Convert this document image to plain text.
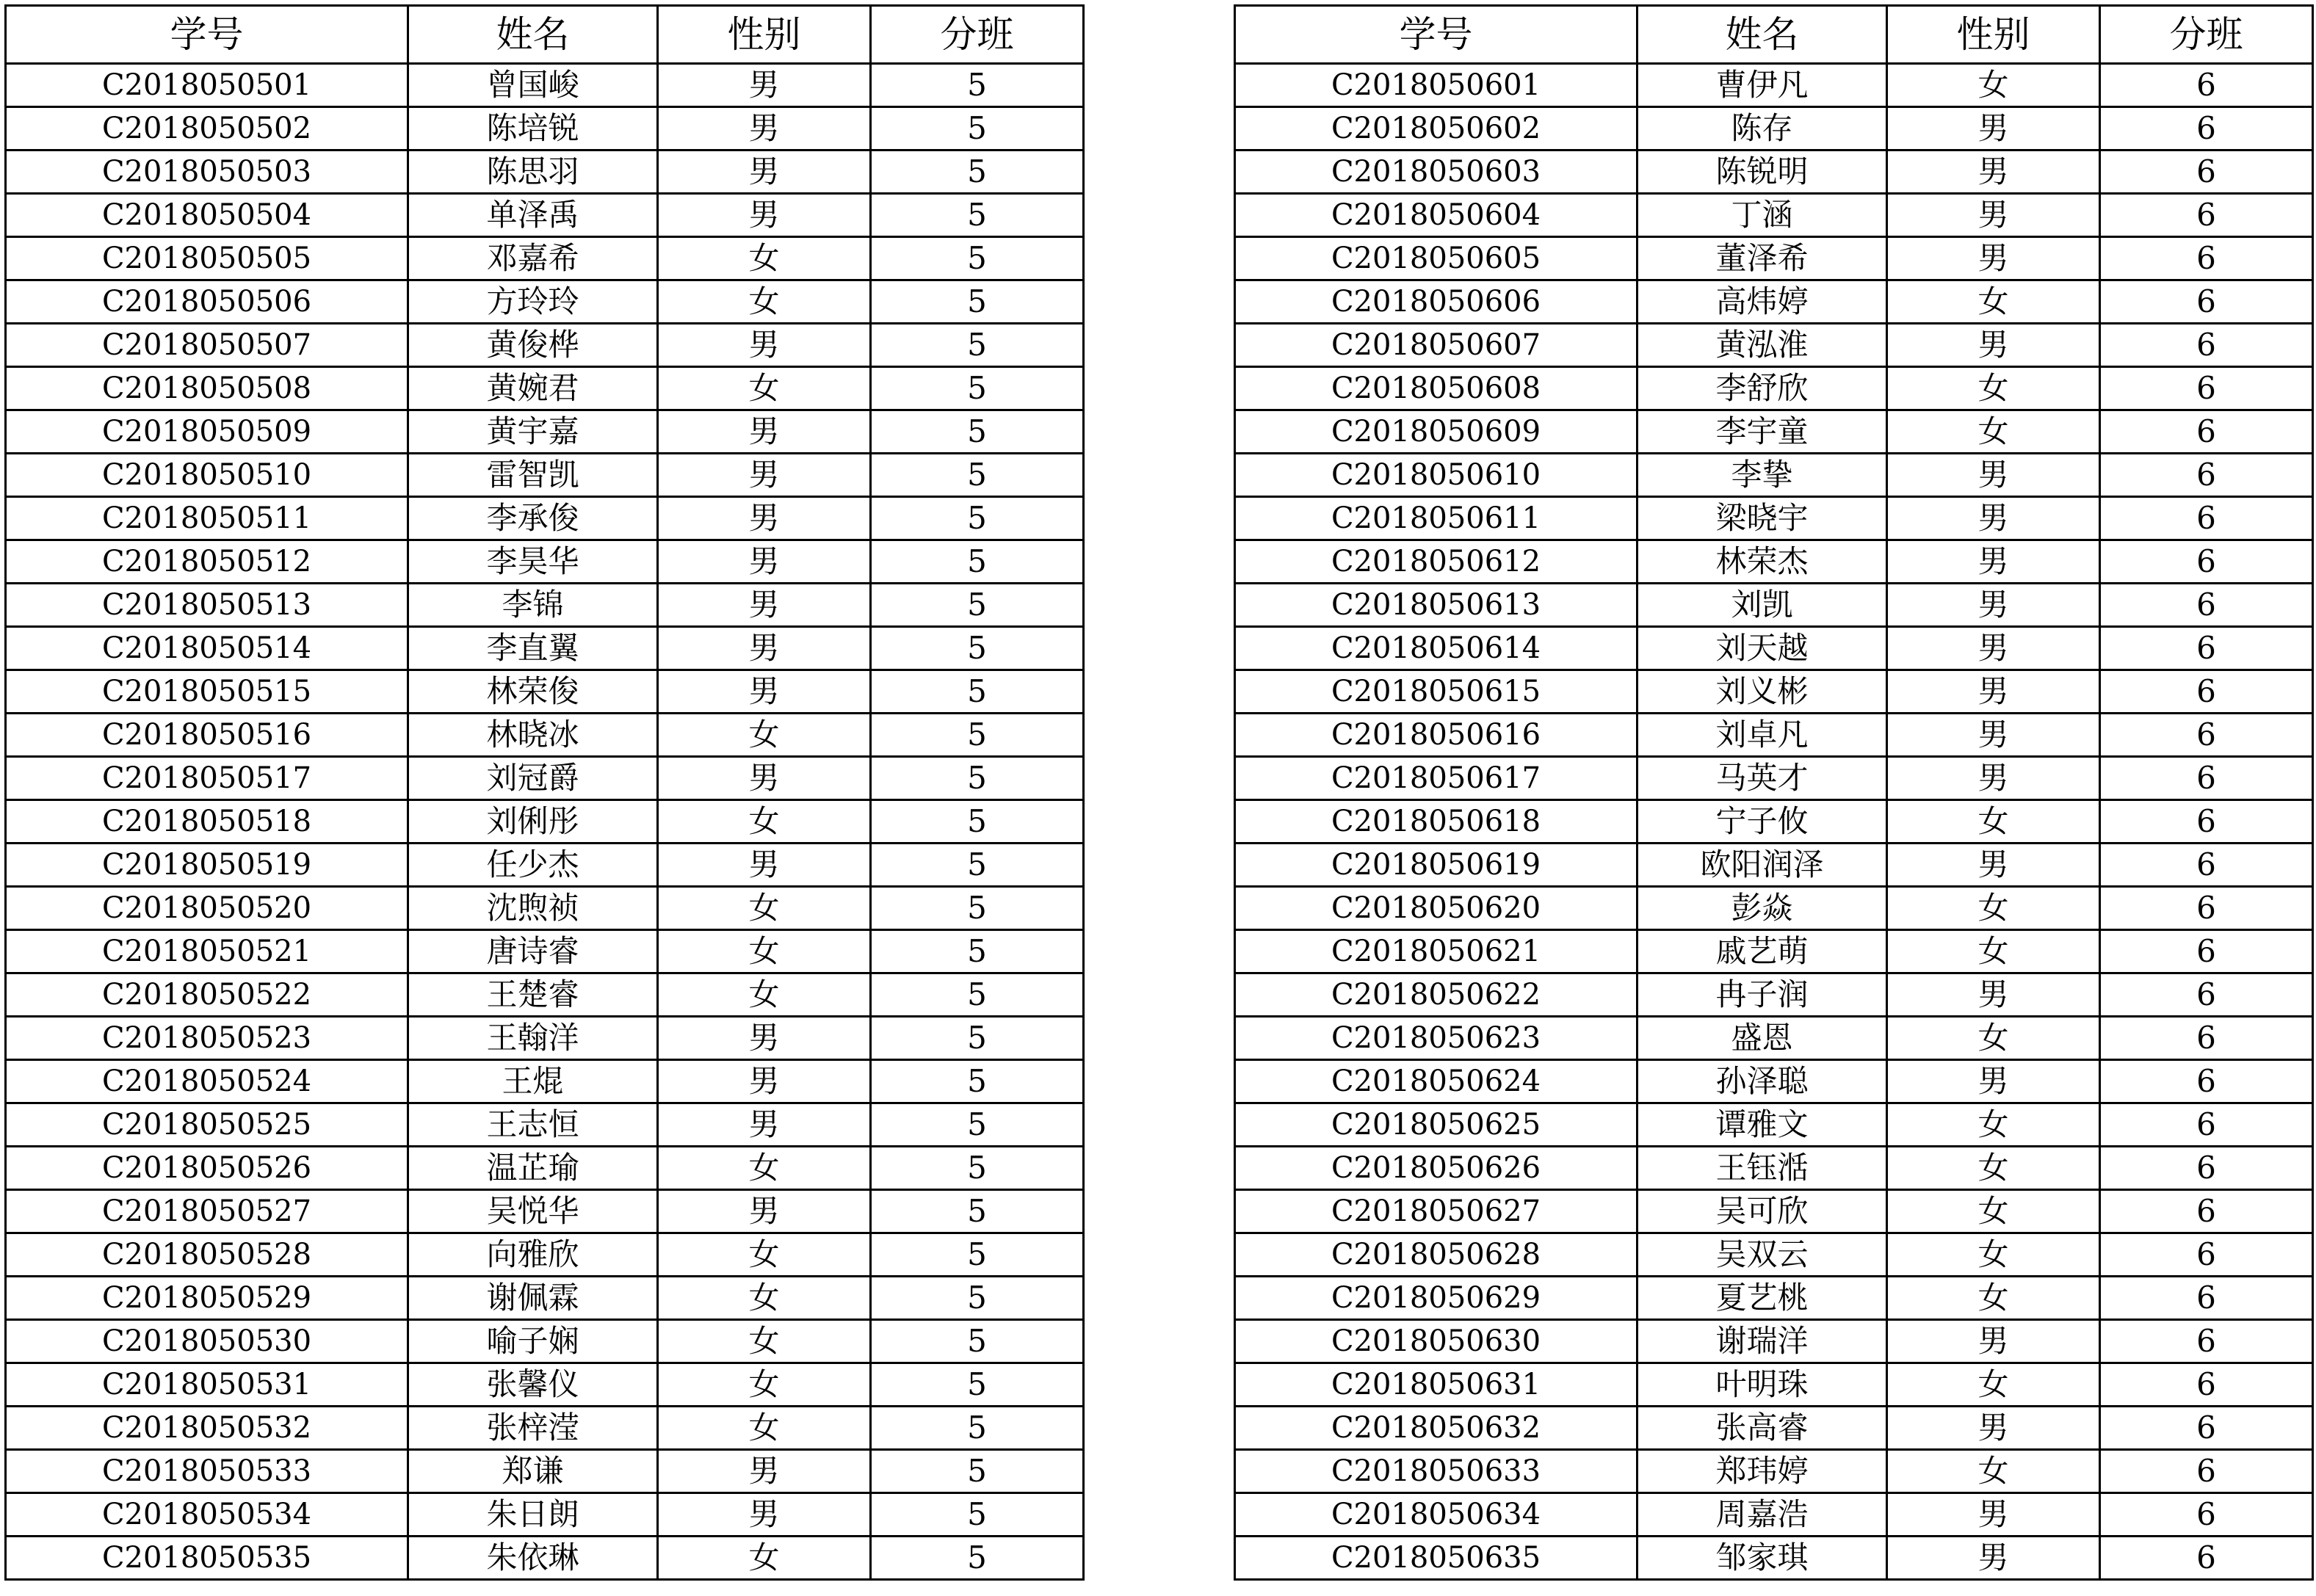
学号	姓名	性别	分班
C2018050501	曾国峻	男	5
C2018050502	陈培锐	男	5
C2018050503	陈思羽	男	5
C2018050504	单泽禹	男	5
C2018050505	邓嘉希	女	5
C2018050506	方玲玲	女	5
C2018050507	黄俊桦	男	5
C2018050508	黄婉君	女	5
C2018050509	黄宇嘉	男	5
C2018050510	雷智凯	男	5
C2018050511	李承俊	男	5
C2018050512	李昊华	男	5
C2018050513	李锦	男	5
C2018050514	李直翼	男	5
C2018050515	林荣俊	男	5
C2018050516	林晓冰	女	5
C2018050517	刘冠爵	男	5
C2018050518	刘俐彤	女	5
C2018050519	任少杰	男	5
C2018050520	沈煦祯	女	5
C2018050521	唐诗睿	女	5
C2018050522	王楚睿	女	5
C2018050523	王翰洋	男	5
C2018050524	王焜	男	5
C2018050525	王志恒	男	5
C2018050526	温芷瑜	女	5
C2018050527	吴悦华	男	5
C2018050528	向雅欣	女	5
C2018050529	谢佩霖	女	5
C2018050530	喻子娴	女	5
C2018050531	张馨仪	女	5
C2018050532	张梓滢	女	5
C2018050533	郑谦	男	5
C2018050534	朱日朗	男	5
C2018050535	朱依琳	女	5
学号	姓名	性别	分班
C2018050601	曹伊凡	女	6
C2018050602	陈存	男	6
C2018050603	陈锐明	男	6
C2018050604	丁涵	男	6
C2018050605	董泽希	男	6
C2018050606	高炜婷	女	6
C2018050607	黄泓淮	男	6
C2018050608	李舒欣	女	6
C2018050609	李宇童	女	6
C2018050610	李挚	男	6
C2018050611	梁晓宇	男	6
C2018050612	林荣杰	男	6
C2018050613	刘凯	男	6
C2018050614	刘天越	男	6
C2018050615	刘义彬	男	6
C2018050616	刘卓凡	男	6
C2018050617	马英才	男	6
C2018050618	宁子攸	女	6
C2018050619	欧阳润泽	男	6
C2018050620	彭焱	女	6
C2018050621	戚艺萌	女	6
C2018050622	冉子润	男	6
C2018050623	盛恩	女	6
C2018050624	孙泽聪	男	6
C2018050625	谭雅文	女	6
C2018050626	王钰湉	女	6
C2018050627	吴可欣	女	6
C2018050628	吴双云	女	6
C2018050629	夏艺桃	女	6
C2018050630	谢瑞洋	男	6
C2018050631	叶明珠	女	6
C2018050632	张高睿	男	6
C2018050633	郑玮婷	女	6
C2018050634	周嘉浩	男	6
C2018050635	邹家琪	男	6
